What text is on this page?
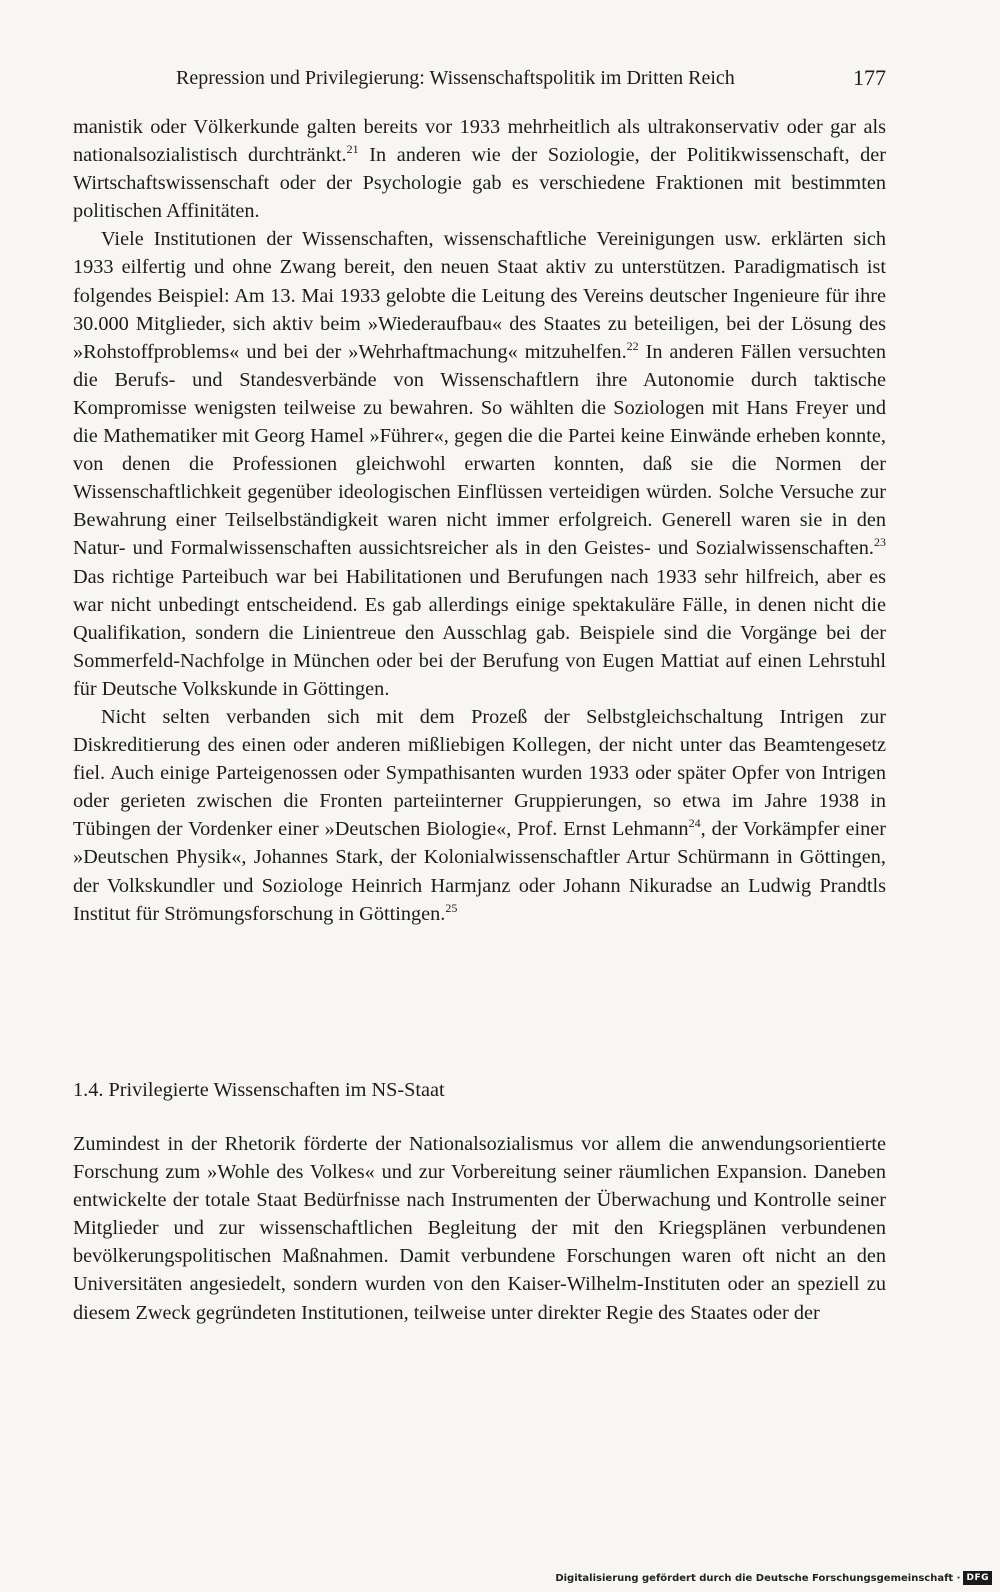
Repression und Privilegierung: Wissenschaftspolitik im Dritten Reich	177

manistik oder Völkerkunde galten bereits vor 1933 mehrheitlich als ultrakonservativ oder gar als nationalsozialistisch durchtränkt.$^{21}$ In anderen wie der Soziologie, der Politikwissenschaft, der Wirtschaftswissenschaft oder der Psychologie gab es verschiedene Fraktionen mit bestimmten politischen Affinitäten.

Viele Institutionen der Wissenschaften, wissenschaftliche Vereinigungen usw. erklärten sich 1933 eilfertig und ohne Zwang bereit, den neuen Staat aktiv zu unterstützen. Paradigmatisch ist folgendes Beispiel: Am 13. Mai 1933 gelobte die Leitung des Vereins deutscher Ingenieure für ihre 30.000 Mitglieder, sich aktiv beim »Wiederaufbau« des Staates zu beteiligen, bei der Lösung des »Rohstoffproblems« und bei der »Wehrhaftmachung« mitzuhelfen.$^{22}$ In anderen Fällen versuchten die Berufs- und Standesverbände von Wissenschaftlern ihre Autonomie durch taktische Kompromisse wenigsten teilweise zu bewahren. So wählten die Soziologen mit Hans Freyer und die Mathematiker mit Georg Hamel »Führer«, gegen die die Partei keine Einwände erheben konnte, von denen die Professionen gleichwohl erwarten konnten, daß sie die Normen der Wissenschaftlichkeit gegenüber ideologischen Einflüssen verteidigen würden. Solche Versuche zur Bewahrung einer Teilselbständigkeit waren nicht immer erfolgreich. Generell waren sie in den Natur- und Formalwissenschaften aussichtsreicher als in den Geistes- und Sozialwissenschaften.$^{23}$ Das richtige Parteibuch war bei Habilitationen und Berufungen nach 1933 sehr hilfreich, aber es war nicht unbedingt entscheidend. Es gab allerdings einige spektakuläre Fälle, in denen nicht die Qualifikation, sondern die Linientreue den Ausschlag gab. Beispiele sind die Vorgänge bei der Sommerfeld-Nachfolge in München oder bei der Berufung von Eugen Mattiat auf einen Lehrstuhl für Deutsche Volkskunde in Göttingen.

Nicht selten verbanden sich mit dem Prozeß der Selbstgleichschaltung Intrigen zur Diskreditierung des einen oder anderen mißliebigen Kollegen, der nicht unter das Beamtengesetz fiel. Auch einige Parteigenossen oder Sympathisanten wurden 1933 oder später Opfer von Intrigen oder gerieten zwischen die Fronten parteiinterner Gruppierungen, so etwa im Jahre 1938 in Tübingen der Vordenker einer »Deutschen Biologie«, Prof. Ernst Lehmann$^{24}$, der Vorkämpfer einer »Deutschen Physik«, Johannes Stark, der Kolonialwissenschaftler Artur Schürmann in Göttingen, der Volkskundler und Soziologe Heinrich Harmjanz oder Johann Nikuradse an Ludwig Prandtls Institut für Strömungsforschung in Göttingen.$^{25}$

1.4. Privilegierte Wissenschaften im NS-Staat

Zumindest in der Rhetorik förderte der Nationalsozialismus vor allem die anwendungsorientierte Forschung zum »Wohle des Volkes« und zur Vorbereitung seiner räumlichen Expansion. Daneben entwickelte der totale Staat Bedürfnisse nach Instrumenten der Überwachung und Kontrolle seiner Mitglieder und zur wissenschaftlichen Begleitung der mit den Kriegsplänen verbundenen bevölkerungspolitischen Maßnahmen. Damit verbundene Forschungen waren oft nicht an den Universitäten angesiedelt, sondern wurden von den Kaiser-Wilhelm-Instituten oder an speziell zu diesem Zweck gegründeten Institutionen, teilweise unter direkter Regie des Staates oder der

Digitalisierung gefördert durch die Deutsche Forschungsgemeinschaft · DFG
